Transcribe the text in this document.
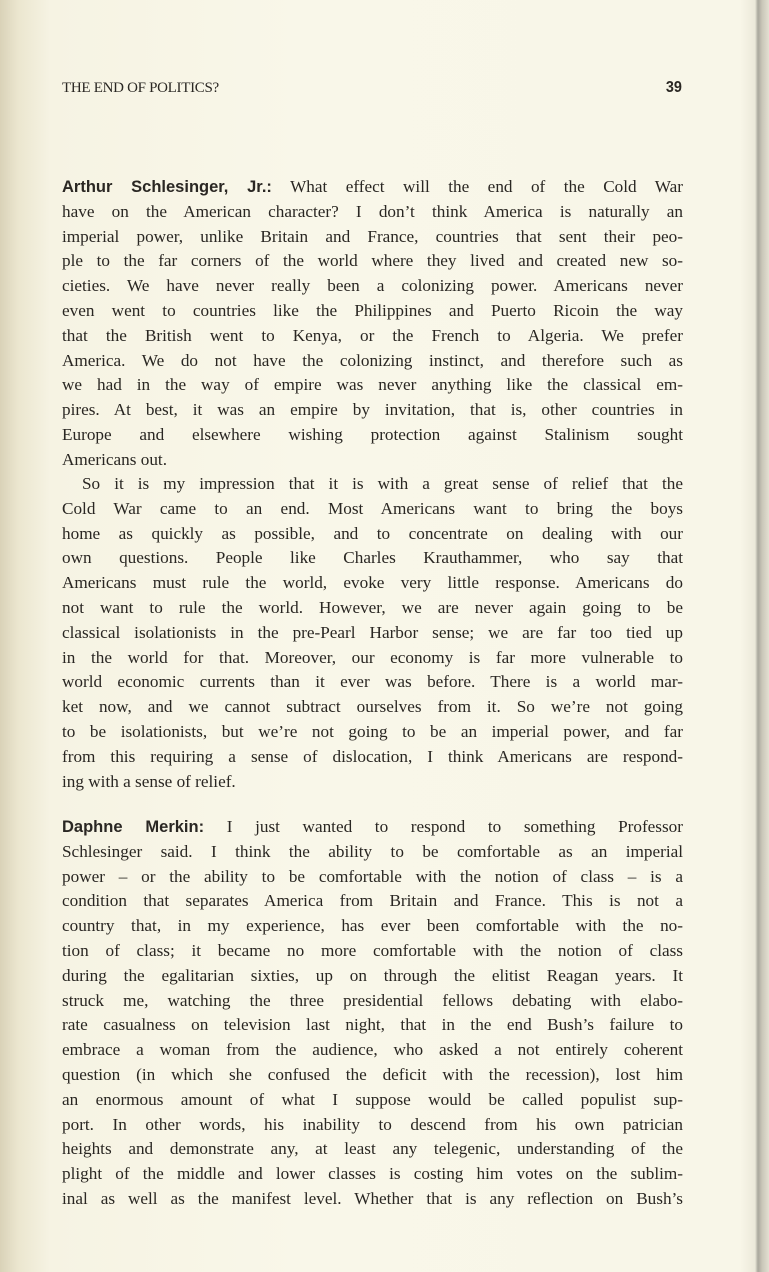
THE END OF POLITICS?	39
Arthur Schlesinger, Jr.: What effect will the end of the Cold War
have on the American character? I don’t think America is naturally an
imperial power, unlike Britain and France, countries that sent their peo-
ple to the far corners of the world where they lived and created new so-
cieties. We have never really been a colonizing power. Americans never
even went to countries like the Philippines and Puerto Ricoin the way
that the British went to Kenya, or the French to Algeria. We prefer
America. We do not have the colonizing instinct, and therefore such as
we had in the way of empire was never anything like the classical em-
pires. At best, it was an empire by invitation, that is, other countries in
Europe and elsewhere wishing protection against Stalinism sought
Americans out.
So it is my impression that it is with a great sense of relief that the
Cold War came to an end. Most Americans want to bring the boys
home as quickly as possible, and to concentrate on dealing with our
own questions. People like Charles Krauthammer, who say that
Americans must rule the world, evoke very little response. Americans do
not want to rule the world. However, we are never again going to be
classical isolationists in the pre-Pearl Harbor sense; we are far too tied up
in the world for that. Moreover, our economy is far more vulnerable to
world economic currents than it ever was before. There is a world mar-
ket now, and we cannot subtract ourselves from it. So we’re not going
to be isolationists, but we’re not going to be an imperial power, and far
from this requiring a sense of dislocation, I think Americans are respond-
ing with a sense of relief.
Daphne Merkin: I just wanted to respond to something Professor
Schlesinger said. I think the ability to be comfortable as an imperial
power – or the ability to be comfortable with the notion of class – is a
condition that separates America from Britain and France. This is not a
country that, in my experience, has ever been comfortable with the no-
tion of class; it became no more comfortable with the notion of class
during the egalitarian sixties, up on through the elitist Reagan years. It
struck me, watching the three presidential fellows debating with elabo-
rate casualness on television last night, that in the end Bush’s failure to
embrace a woman from the audience, who asked a not entirely coherent
question (in which she confused the deficit with the recession), lost him
an enormous amount of what I suppose would be called populist sup-
port. In other words, his inability to descend from his own patrician
heights and demonstrate any, at least any telegenic, understanding of the
plight of the middle and lower classes is costing him votes on the sublim-
inal as well as the manifest level. Whether that is any reflection on Bush’s
